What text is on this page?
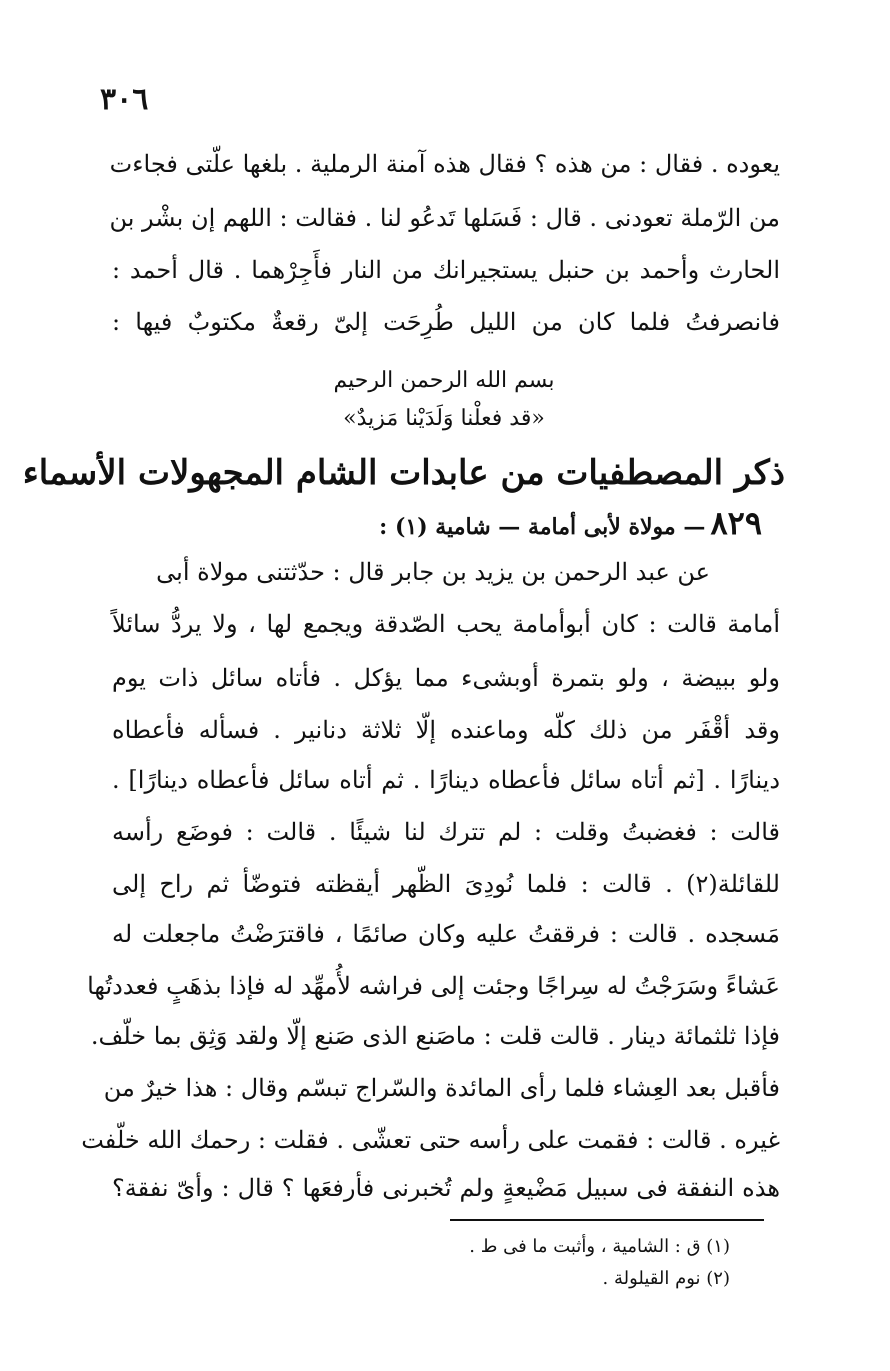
٣٠٦
يعوده . فقال : من هذه ؟ فقال هذه آمنة الرملية . بلغها علّتى فجاءت
من الرّملة تعودنى . قال : فَسَلها تَدعُو لنا . فقالت : اللهم إن بشْر بن
الحارث وأحمد بن حنبل يستجيرانك من النار فأَجِرْهما . قال أحمد :
فانصرفتُ فلما كان من الليل طُرِحَت إلىّ رقعةٌ مكتوبٌ فيها :
بسم الله الرحمن الرحيم
«قد فعلْنا وَلَدَيْنا مَزيدٌ»
ذكر المصطفيات من عابدات الشام المجهولات الأسماء
٨٢٩ — مولاة لأبى أمامة — شامية (١) :
عن عبد الرحمن بن يزيد بن جابر قال : حدّثتنى مولاة أبى
أمامة قالت : كان أبوأمامة يحب الصّدقة ويجمع لها ، ولا يردُّ سائلاً
ولو ببيضة ، ولو بتمرة أوبشىء مما يؤكل . فأتاه سائل ذات يوم
وقد أقْفَر من ذلك كلّه وماعنده إلّا ثلاثة دنانير . فسأله فأعطاه
دينارًا . [ثم أتاه سائل فأعطاه دينارًا . ثم أتاه سائل فأعطاه دينارًا] .
قالت : فغضبتُ وقلت : لم تترك لنا شيئًا . قالت : فوضَع رأسه
للقائلة(٢) . قالت : فلما نُودِىَ الظّهر أيقظته فتوضّأ ثم راح إلى
مَسجده . قالت : فرققتُ عليه وكان صائمًا ، فاقترَضْتُ ماجعلت له
عَشاءً وسَرَجْتُ له سِراجًا وجئت إلى فراشه لأُمهِّد له فإذا بذهَبٍ فعددتُها
فإذا ثلثمائة دينار . قالت قلت : ماصَنع الذى صَنع إلّا ولقد وَثِق بما خلّف.
فأقبل بعد العِشاء فلما رأى المائدة والسّراج تبسّم وقال : هذا خيرٌ من
غيره . قالت : فقمت على رأسه حتى تعشّى . فقلت : رحمك الله خلّفت
هذه النفقة فى سبيل مَضْيعةٍ ولم تُخبرنى فأرفعَها ؟ قال : وأىّ نفقة؟
(١) ق : الشامية ، وأثبت ما فى ط .
(٢) نوم القيلولة .
